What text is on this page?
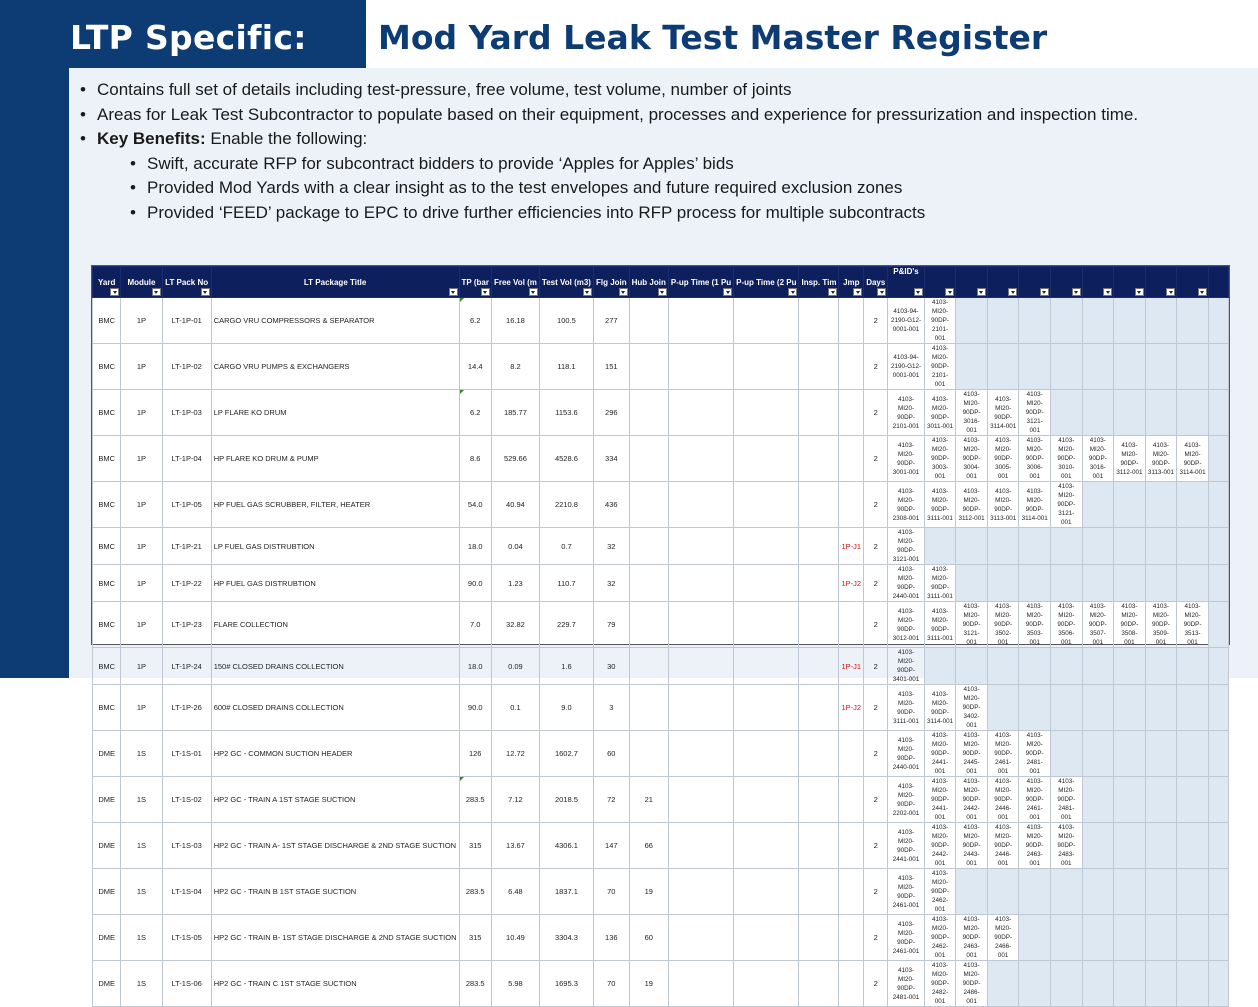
LTP Specific: Mod Yard Leak Test Master Register
• Contains full set of details including test-pressure, free volume, test volume, number of joints
• Areas for Leak Test Subcontractor to populate based on their equipment, processes and experience for pressurization and inspection time.
• Key Benefits: Enable the following:
• Swift, accurate RFP for subcontract bidders to provide ‘Apples for Apples’ bids
• Provided Mod Yards with a clear insight as to the test envelopes and future required exclusion zones
• Provided ‘FEED’ package to EPC to drive further efficiencies into RFP process for multiple subcontracts
Yard	Module	LT Pack No	LT Package Title	TP (bar	Free Vol (m	Test Vol (m3)	Flg Join	Hub Join	P-up Time (1 Pu	P-up Time (2 Pu	Insp. Tim	Jmp	Days	P&ID's										

BMC	1P	LT-1P-01	CARGO VRU COMPRESSORS & SEPARATOR	6.2	16.18	100.5	277						2	4103-94-2190-G12-0001-001	4103-MI20-90DP-2101-001									
BMC	1P	LT-1P-02	CARGO VRU PUMPS & EXCHANGERS	14.4	8.2	118.1	151						2	4103-94-2190-G12-0001-001	4103-MI20-90DP-2101-001									
BMC	1P	LT-1P-03	LP FLARE KO DRUM	6.2	185.77	1153.6	296						2	4103-MI20-90DP-2101-001	4103-MI20-90DP-3011-001	4103-MI20-90DP-3016-001	4103-MI20-90DP-3114-001	4103-MI20-90DP-3121-001						
BMC	1P	LT-1P-04	HP FLARE KO DRUM & PUMP	8.6	529.66	4528.6	334						2	4103-MI20-90DP-3001-001	4103-MI20-90DP-3003-001	4103-MI20-90DP-3004-001	4103-MI20-90DP-3005-001	4103-MI20-90DP-3006-001	4103-MI20-90DP-3010-001	4103-MI20-90DP-3016-001	4103-MI20-90DP-3112-001	4103-MI20-90DP-3113-001	4103-MI20-90DP-3114-001	
BMC	1P	LT-1P-05	HP FUEL GAS SCRUBBER, FILTER, HEATER	54.0	40.94	2210.8	436						2	4103-MI20-90DP-2308-001	4103-MI20-90DP-3111-001	4103-MI20-90DP-3112-001	4103-MI20-90DP-3113-001	4103-MI20-90DP-3114-001	4103-MI20-90DP-3121-001					
BMC	1P	LT-1P-21	LP FUEL GAS DISTRUBTION	18.0	0.04	0.7	32					1P-J1	2	4103-MI20-90DP-3121-001										
BMC	1P	LT-1P-22	HP FUEL GAS DISTRUBTION	90.0	1.23	110.7	32					1P-J2	2	4103-MI20-90DP-2440-001	4103-MI20-90DP-3111-001									
BMC	1P	LT-1P-23	FLARE COLLECTION	7.0	32.82	229.7	79						2	4103-MI20-90DP-3012-001	4103-MI20-90DP-3111-001	4103-MI20-90DP-3121-001	4103-MI20-90DP-3502-001	4103-MI20-90DP-3503-001	4103-MI20-90DP-3506-001	4103-MI20-90DP-3507-001	4103-MI20-90DP-3508-001	4103-MI20-90DP-3509-001	4103-MI20-90DP-3513-001	
BMC	1P	LT-1P-24	150# CLOSED DRAINS COLLECTION	18.0	0.09	1.6	30					1P-J1	2	4103-MI20-90DP-3401-001										
BMC	1P	LT-1P-26	600# CLOSED DRAINS COLLECTION	90.0	0.1	9.0	3					1P-J2	2	4103-MI20-90DP-3111-001	4103-MI20-90DP-3114-001	4103-MI20-90DP-3402-001								
DME	1S	LT-1S-01	HP2 GC - COMMON SUCTION HEADER	126	12.72	1602.7	60						2	4103-MI20-90DP-2440-001	4103-MI20-90DP-2441-001	4103-MI20-90DP-2445-001	4103-MI20-90DP-2461-001	4103-MI20-90DP-2481-001						
DME	1S	LT-1S-02	HP2 GC - TRAIN A 1ST STAGE SUCTION	283.5	7.12	2018.5	72	21					2	4103-MI20-90DP-2202-001	4103-MI20-90DP-2441-001	4103-MI20-90DP-2442-001	4103-MI20-90DP-2446-001	4103-MI20-90DP-2461-001	4103-MI20-90DP-2481-001					
DME	1S	LT-1S-03	HP2 GC - TRAIN A- 1ST STAGE DISCHARGE & 2ND STAGE SUCTION	315	13.67	4306.1	147	66					2	4103-MI20-90DP-2441-001	4103-MI20-90DP-2442-001	4103-MI20-90DP-2443-001	4103-MI20-90DP-2446-001	4103-MI20-90DP-2463-001	4103-MI20-90DP-2483-001					
DME	1S	LT-1S-04	HP2 GC - TRAIN B 1ST STAGE SUCTION	283.5	6.48	1837.1	70	19					2	4103-MI20-90DP-2461-001	4103-MI20-90DP-2462-001									
DME	1S	LT-1S-05	HP2 GC - TRAIN B- 1ST STAGE DISCHARGE & 2ND STAGE SUCTION	315	10.49	3304.3	136	60					2	4103-MI20-90DP-2461-001	4103-MI20-90DP-2462-001	4103-MI20-90DP-2463-001	4103-MI20-90DP-2466-001							
DME	1S	LT-1S-06	HP2 GC - TRAIN C 1ST STAGE SUCTION	283.5	5.98	1695.3	70	19					2	4103-MI20-90DP-2481-001	4103-MI20-90DP-2482-001	4103-MI20-90DP-2486-001								
